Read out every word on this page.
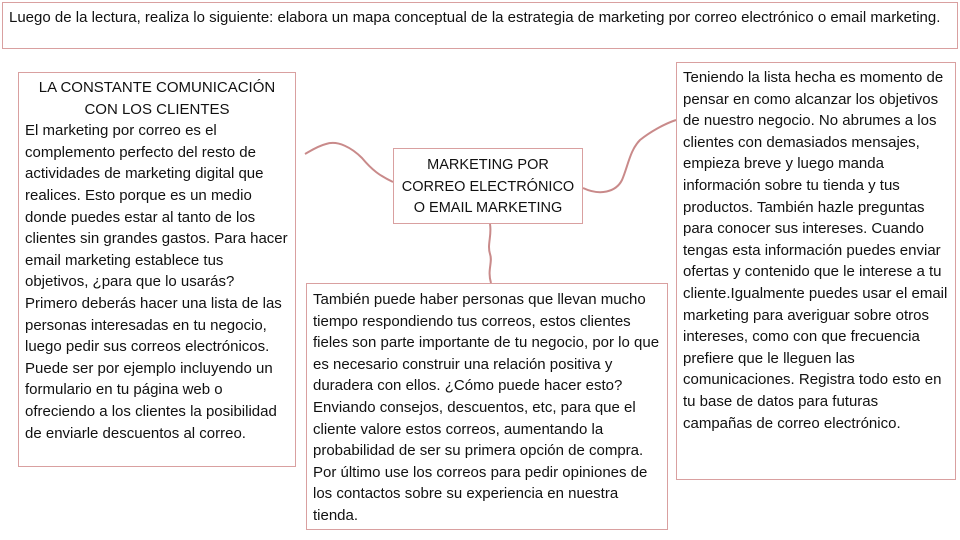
Luego de la lectura, realiza lo siguiente: elabora un mapa conceptual de la estrategia de marketing por correo electrónico o email marketing.
LA CONSTANTE COMUNICACIÓN
CON LOS CLIENTES
El marketing por correo es el complemento perfecto del resto de actividades de marketing digital que realices. Esto porque es un medio donde puedes estar al tanto de los clientes sin grandes gastos. Para hacer email marketing establece tus objetivos, ¿para que lo usarás? Primero deberás hacer una lista de las personas interesadas en tu negocio, luego pedir sus correos electrónicos. Puede ser por ejemplo incluyendo un formulario en tu página web o ofreciendo a los clientes la posibilidad de enviarle descuentos al correo.
MARKETING POR
CORREO ELECTRÓNICO
O EMAIL MARKETING
También puede haber personas que llevan mucho tiempo respondiendo tus correos, estos clientes fieles son parte importante de tu negocio, por lo que es necesario construir una relación positiva y duradera con ellos. ¿Cómo puede hacer esto? Enviando consejos, descuentos, etc, para que el cliente valore estos correos, aumentando la probabilidad de ser su primera opción de compra. Por último use los correos para pedir opiniones de los contactos sobre su experiencia en nuestra tienda.
Teniendo la lista hecha es momento de pensar en como alcanzar los objetivos de nuestro negocio. No abrumes a los clientes con demasiados mensajes, empieza breve y luego manda información sobre tu tienda y tus productos. También hazle preguntas para conocer sus intereses. Cuando tengas esta información puedes enviar ofertas y contenido que le interese a tu cliente.Igualmente puedes usar el email marketing para averiguar sobre otros intereses, como con que frecuencia prefiere que le lleguen las comunicaciones. Registra todo esto en tu base de datos para futuras campañas de correo electrónico.
